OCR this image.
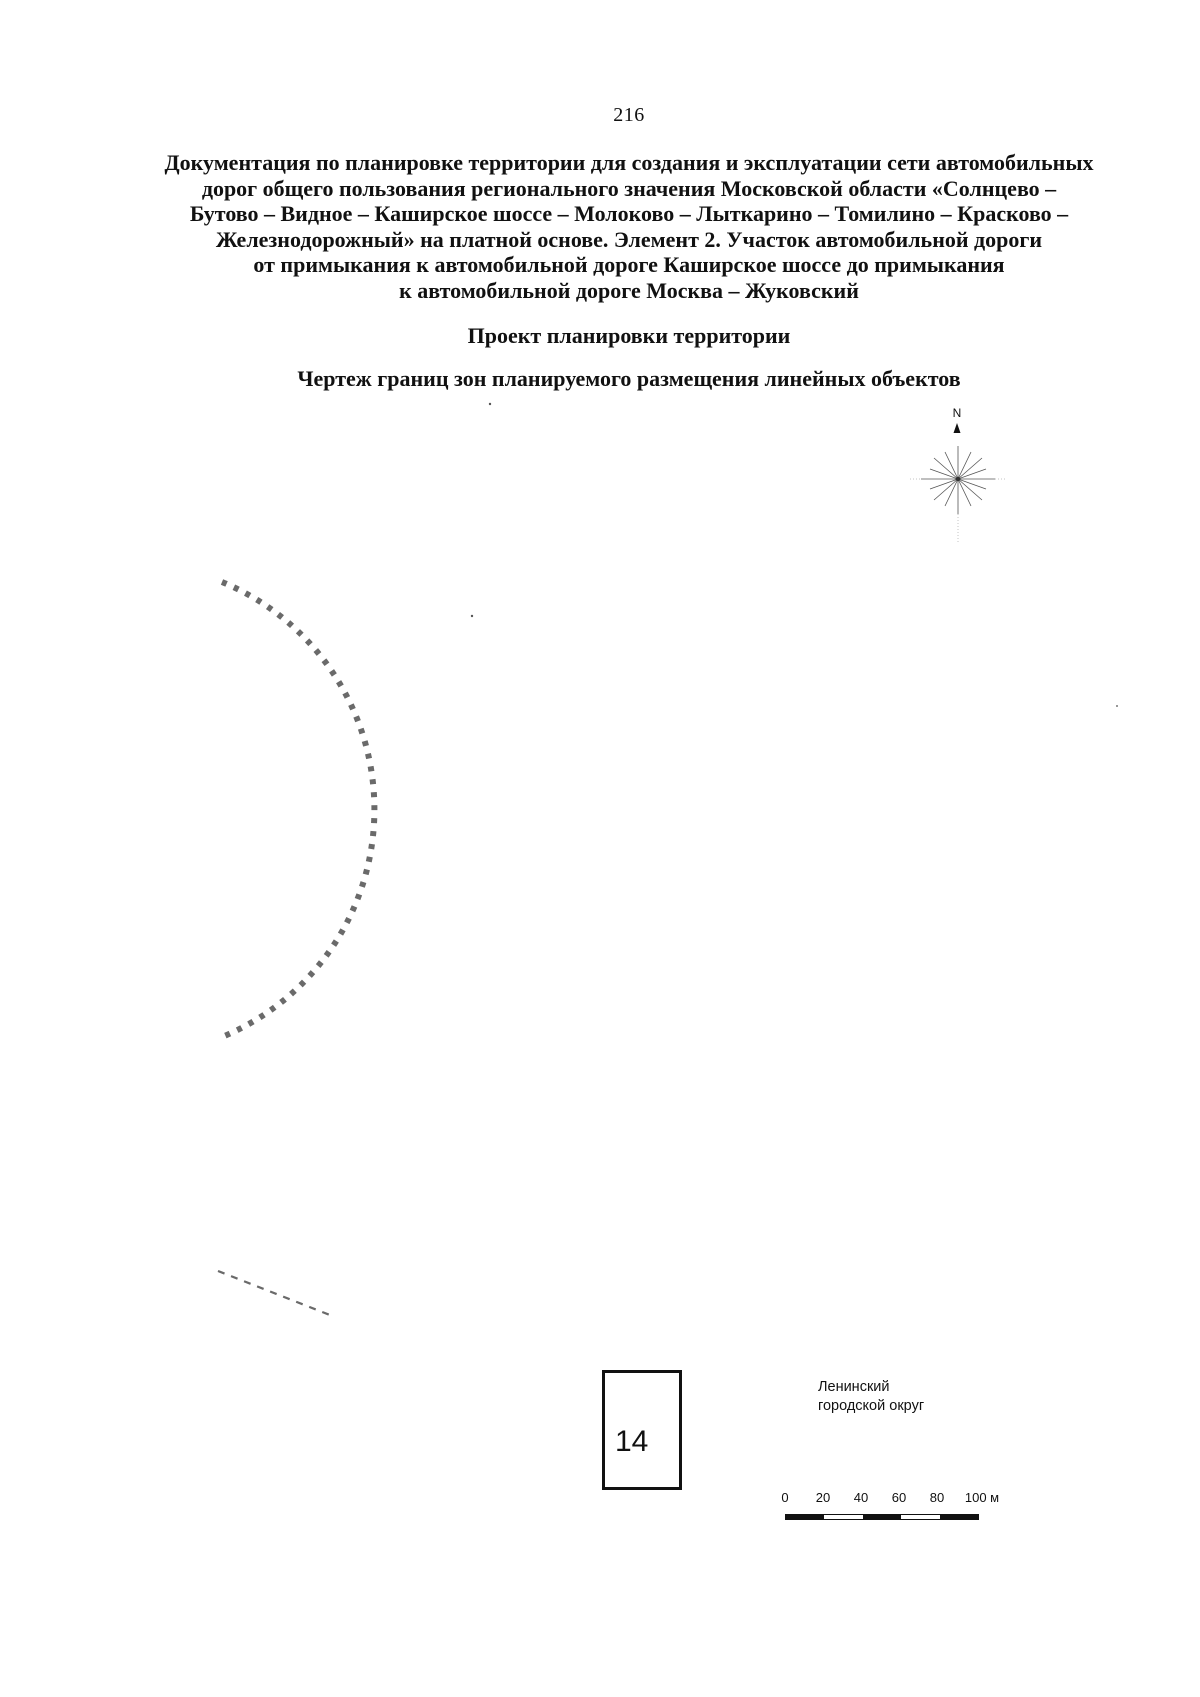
216
Документация по планировке территории для создания и эксплуатации сети автомобильных
дорог общего пользования регионального значения Московской области «Солнцево –
Бутово – Видное – Каширское шоссе – Молоково – Лыткарино – Томилино – Красково –
Железнодорожный» на платной основе. Элемент 2. Участок автомобильной дороги
от примыкания к автомобильной дороге Каширское шоссе до примыкания
к автомобильной дороге Москва – Жуковский
Проект планировки территории
Чертеж границ зон планируемого размещения линейных объектов
N
14
Ленинский
городской округ
0 20 40 60 80 100 м
